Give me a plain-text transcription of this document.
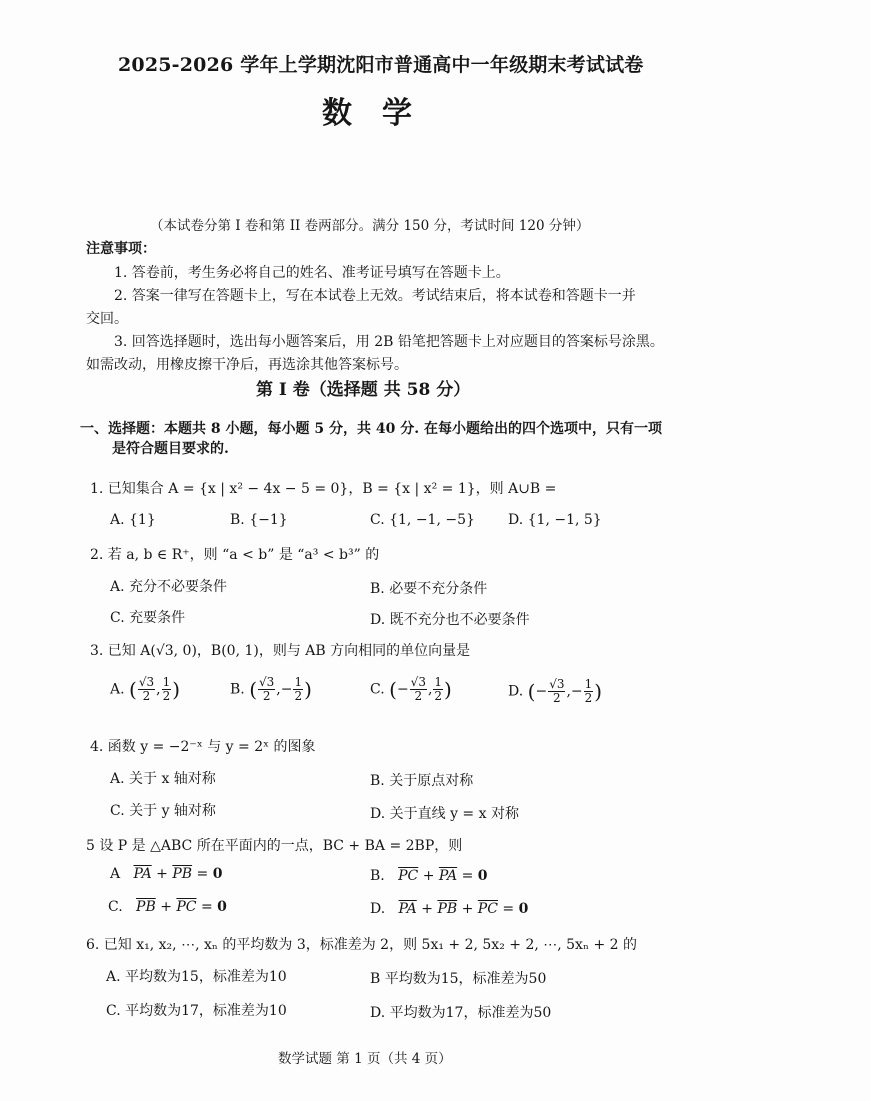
2025-2026 学年上学期沈阳市普通高中一年级期末考试试卷
数学
（本试卷分第 I 卷和第 II 卷两部分。满分 150 分，考试时间 120 分钟）
注意事项：
1. 答卷前，考生务必将自己的姓名、准考证号填写在答题卡上。
2. 答案一律写在答题卡上，写在本试卷上无效。考试结束后，将本试卷和答题卡一并
交回。
3. 回答选择题时，选出每小题答案后，用 2B 铅笔把答题卡上对应题目的答案标号涂黑。
如需改动，用橡皮擦干净后，再选涂其他答案标号。
第 I 卷（选择题 共 58 分）
一、选择题：本题共 8 小题，每小题 5 分，共 40 分. 在每小题给出的四个选项中，只有一项
是符合题目要求的.
1. 已知集合 A = {x | x² − 4x − 5 = 0}，B = {x | x² = 1}，则 A∪B =
A. {1}	B. {−1}	C. {1, −1, −5} D. {1, −1, 5}
2. 若 a, b ∈ R⁺，则 “a < b” 是 “a³ < b³” 的
A. 充分不必要条件	B. 必要不充分条件
C. 充要条件	D. 既不充分也不必要条件
3. 已知 A(√3, 0)，B(0, 1)，则与 AB 方向相同的单位向量是
A. ( $\frac{√3}{2}$ , $\frac{1}{2}$ )	B. ( $\frac{√3}{2}$ ,− $\frac{1}{2}$ )	C. (− $\frac{√3}{2}$ , $\frac{1}{2}$ )	D. (− $\frac{√3}{2}$ ,− $\frac{1}{2}$ )
4. 函数 y = −2⁻ˣ 与 y = 2ˣ 的图象
A. 关于 x 轴对称	B. 关于原点对称
C. 关于 y 轴对称	D. 关于直线 y = x 对称
5 设 P 是 △ABC 所在平面内的一点，BC + BA = 2BP，则
A $\overline{PA} + \overline{PB} = 0$	B. $\overline{PC} + \overline{PA} = 0$
C. $\overline{PB} + \overline{PC} = 0$	D. $\overline{PA} + \overline{PB} + \overline{PC} = 0$
6. 已知 x₁, x₂, ⋯, xₙ 的平均数为 3，标准差为 2，则 5x₁ + 2, 5x₂ + 2, ⋯, 5xₙ + 2 的
A. 平均数为15，标准差为10	B 平均数为15，标准差为50
C. 平均数为17，标准差为10	D. 平均数为17，标准差为50
数学试题 第 1 页（共 4 页）
